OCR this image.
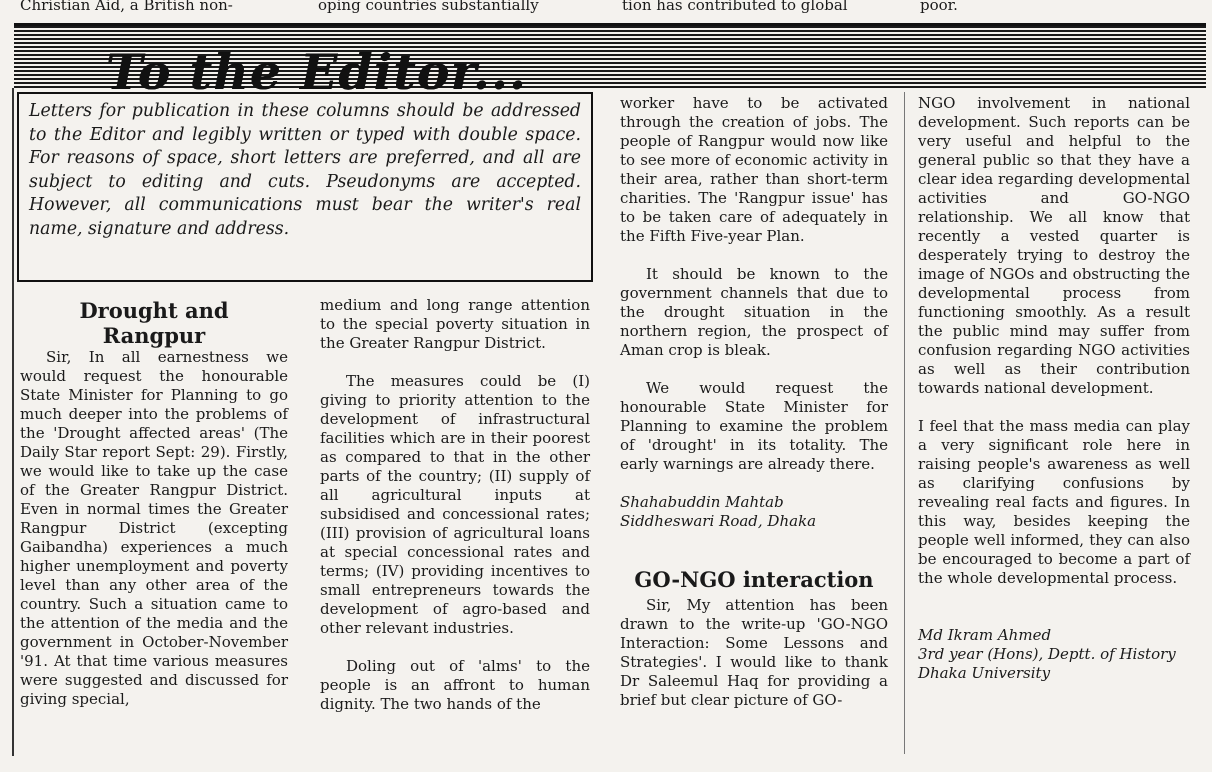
Christian Aid, a British non-	oping countries substantially	tion has contributed to global	poor.
To the Editor...

Letters for publication in these columns should be addressed to the Editor and legibly written or typed with double space. For reasons of space, short letters are preferred, and all are subject to editing and cuts. Pseudonyms are accepted. However, all communications must bear the writer's real name, signature and address.

Drought and Rangpur

Sir, In all earnestness we would request the honourable State Minister for Planning to go much deeper into the problems of the 'Drought affected areas' (The Daily Star report Sept: 29). Firstly, we would like to take up the case of the Greater Rangpur District. Even in normal times the Greater Rangpur District (excepting Gaibandha) experiences a much higher unemployment and poverty level than any other area of the country. Such a situation came to the attention of the media and the government in October-November '91. At that time various measures were suggested and discussed for giving special,

medium and long range attention to the special poverty situation in the Greater Rangpur District.

The measures could be (I) giving to priority attention to the development of infrastructural facilities which are in their poorest as compared to that in the other parts of the country; (II) supply of all agricultural inputs at subsidised and concessional rates; (III) provision of agricultural loans at special concessional rates and terms; (IV) providing incentives to small entrepreneurs towards the development of agro-based and other relevant industries.

Doling out of 'alms' to the people is an affront to human dignity. The two hands of the

worker have to be activated through the creation of jobs. The people of Rangpur would now like to see more of economic activity in their area, rather than short-term charities. The 'Rangpur issue' has to be taken care of adequately in the Fifth Five-year Plan.

It should be known to the government channels that due to the drought situation in the northern region, the prospect of Aman crop is bleak.

We would request the honourable State Minister for Planning to examine the problem of 'drought' in its totality. The early warnings are already there.

Shahabuddin Mahtab

Siddheswari Road, Dhaka

GO-NGO interaction

Sir, My attention has been drawn to the write-up 'GO-NGO Interaction: Some Lessons and Strategies'. I would like to thank Dr Saleemul Haq for providing a brief but clear picture of GO-

NGO involvement in national development. Such reports can be very useful and helpful to the general public so that they have a clear idea regarding developmental activities and GO-NGO relationship. We all know that recently a vested quarter is desperately trying to destroy the image of NGOs and obstructing the developmental process from functioning smoothly. As a result the public mind may suffer from confusion regarding NGO activities as well as their contribution towards national development.

I feel that the mass media can play a very significant role here in raising people's awareness as well as clarifying confusions by revealing real facts and figures. In this way, besides keeping the people well informed, they can also be encouraged to become a part of the whole developmental process.

Md Ikram Ahmed

3rd year (Hons), Deptt. of History

Dhaka University
